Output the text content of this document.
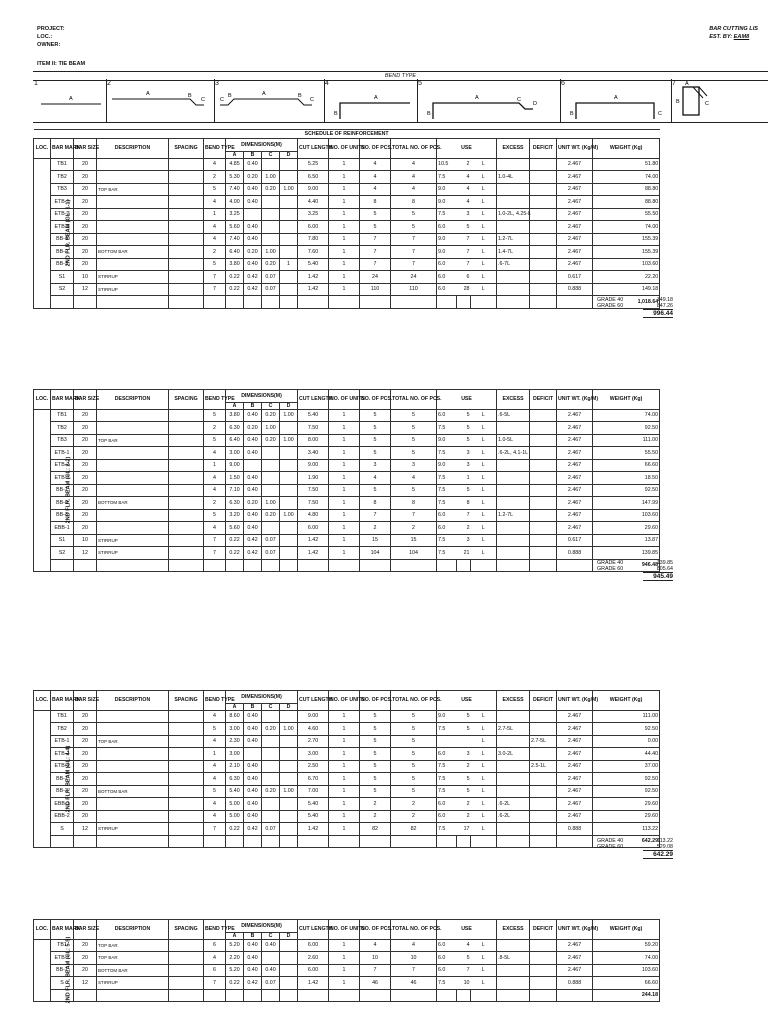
PROJECT:
LOC.:
OWNER:
BAR CUTTING LIS
EST. BY: EAM8
ITEM II: TIE BEAM
BEND TYPE
1
A
2
A	B
C
3
C
B	A	B
C
4
A
B
5
A
B
C
D
6
A
B	C
7 A
B	C
SCHEDULE OF REINFORCEMENT																				
LOC.	BAR MARK	BAR SIZE	DESCRIPTION	SPACING	BEND TYPE	DIMENSIONS(M)				CUT LENGTH	NO. OF UNITS	NO. OF PCS.	TOTAL NO. OF PCS.	USE			EXCESS	DEFICIT	UNIT WT. (Kg/M)	WEIGHT (Kg)
						A	B	C	D											
2ND FLR. BEAM (GL: 1-1)	TB1	20			4	4.85	0.40			5.25	1	4	4	10.5	2	L			2.467	51.80
	TB2	20			2	5.30	0.20	1.00		6.50	1	4	4	7.5	4	L	1.0-4L		2.467	74.00
	TB3	20	TOP BAR		5	7.40	0.40	0.20	1.00	9.00	1	4	4	9.0	4	L			2.467	88.80
	ETB-1	20			4	4.00	0.40			4.40	1	8	8	9.0	4	L			2.467	88.80
	ETB-2	20			1	3.25				3.25	1	5	5	7.5	3	L	1.0-2L, 4.25-L		2.467	55.50
	ETB-3	20			4	5.60	0.40			6.00	1	5	5	6.0	5	L			2.467	74.00
	BB-1	20			4	7.40	0.40			7.80	1	7	7	9.0	7	L	1.2-7L		2.467	155.39
	BB-2	20	BOTTOM BAR		2	6.40	0.20	1.00		7.60	1	7	7	9.0	7	L	1.4-7L		2.467	155.39
	BB-3	20			5	3.80	0.40	0.20	1	5.40	1	7	7	6.0	7	L	.6-7L		2.467	103.60
	S1	10	STIRRUP		7	0.22	0.42	0.07		1.42	1	24	24	6.0	6	L			0.617	22.20
	S2	12	STIRRUP		7	0.22	0.42	0.07		1.42	1	110	110	6.0	28	L			0.888	149.18
																				1,018.64
LOC.	BAR MARK	BAR SIZE	DESCRIPTION	SPACING	BEND TYPE	DIMENSIONS(M)				CUT LENGTH	NO. OF UNITS	NO. OF PCS.	TOTAL NO. OF PCS.	USE			EXCESS	DEFICIT	UNIT WT. (Kg/M)	WEIGHT (Kg)
						A	B	C	D											
2ND FLR. BEAM (GL: 2-2)	TB1	20			5	3.80	0.40	0.20	1.00	5.40	1	5	5	6.0	5	L	.6-5L		2.467	74.00
	TB2	20			2	6.30	0.20	1.00		7.50	1	5	5	7.5	5	L			2.467	92.50
	TB3	20	TOP BAR		5	6.40	0.40	0.20	1.00	8.00	1	5	5	9.0	5	L	1.0-5L		2.467	111.00
	ETB-1	20			4	3.00	0.40			3.40	1	5	5	7.5	3	L	.6-2L, 4.1-1L		2.467	55.50
	ETB-2	20			1	9.00				9.00	1	3	3	9.0	3	L			2.467	66.60
	ETB-3	20			4	1.50	0.40			1.90	1	4	4	7.5	1	L			2.467	18.50
	BB-1	20			4	7.10	0.40			7.50	1	5	5	7.5	5	L			2.467	92.50
	BB-2	20	BOTTOM BAR		2	6.30	0.20	1.00		7.50	1	8	8	7.5	8	L			2.467	147.99
	BB-3	20			5	3.20	0.40	0.20	1.00	4.80	1	7	7	6.0	7	L	1.2-7L		2.467	103.60
	EBB-1	20			4	5.60	0.40			6.00	1	2	2	6.0	2	L			2.467	29.60
	S1	10	STIRRUP		7	0.22	0.42	0.07		1.42	1	15	15	7.5	3	L			0.617	13.87
	S2	12	STIRRUP		7	0.22	0.42	0.07		1.42	1	104	104	7.5	21	L			0.888	139.85
																				946.48
LOC.	BAR MARK	BAR SIZE	DESCRIPTION	SPACING	BEND TYPE	DIMENSIONS(M)				CUT LENGTH	NO. OF UNITS	NO. OF PCS.	TOTAL NO. OF PCS.	USE			EXCESS	DEFICIT	UNIT WT. (Kg/M)	WEIGHT (Kg)
						A	B	C	D											
2ND FLR. BEAM (GL: 4-4)	TB1	20			4	8.60	0.40			9.00	1	5	5	9.0	5	L			2.467	111.00
	TB2	20			5	3.00	0.40	0.20	1.00	4.60	1	5	5	7.5	5	L	2.7-5L		2.467	92.50
	ETB-1	20	TOP BAR		4	2.30	0.40			2.70	1	5	5			L		2.7-5L	2.467	0.00
	ETB-2	20			1	3.00				3.00	1	5	5	6.0	3	L	3.0-2L		2.467	44.40
	ETB-3	20			4	2.10	0.40			2.50	1	5	5	7.5	2	L		2.5-1L	2.467	37.00
	BB-1	20			4	6.30	0.40			6.70	1	5	5	7.5	5	L			2.467	92.50
	BB-2	20	BOTTOM BAR		5	5.40	0.40	0.20	1.00	7.00	1	5	5	7.5	5	L			2.467	92.50
	EBB-1	20			4	5.00	0.40			5.40	1	2	2	6.0	2	L	.6-2L		2.467	29.60
	EBB-2	20			4	5.00	0.40			5.40	1	2	2	6.0	2	L	.6-2L		2.467	29.60
	S	12	STIRRUP		7	0.22	0.42	0.07		1.42	1	82	82	7.5	17	L			0.888	113.22
																				642.29
LOC.	BAR MARK	BAR SIZE	DESCRIPTION	SPACING	BEND TYPE	DIMENSIONS(M)				CUT LENGTH	NO. OF UNITS	NO. OF PCS.	TOTAL NO. OF PCS.	USE			EXCESS	DEFICIT	UNIT WT. (Kg/M)	WEIGHT (Kg)
						A	B	C	D											
2ND FLR. BEAM (GL: 5-5)	TB1	20	TOP BAR		6	5.20	0.40	0.40		6.00	1	4	4	6.0	4	L			2.467	59.20
	ETB-1	20	TOP BAR		4	2.20	0.40			2.60	1	10	10	6.0	5	L	.8-5L		2.467	74.00
	BB-1	20	BOTTOM BAR		6	5.20	0.40	0.40		6.00	1	7	7	6.0	7	L			2.467	103.60
	S	12	STIRRUP		7	0.22	0.42	0.07		1.42	1	46	46	7.5	10	L			0.888	66.60
																				244.18
GRADE 40	149.18
GRADE 60	847.26
996.44
GRADE 40	139.85
GRADE 60	805.64
945.49
GRADE 40	113.22
GRADE 60	529.08
642.29
